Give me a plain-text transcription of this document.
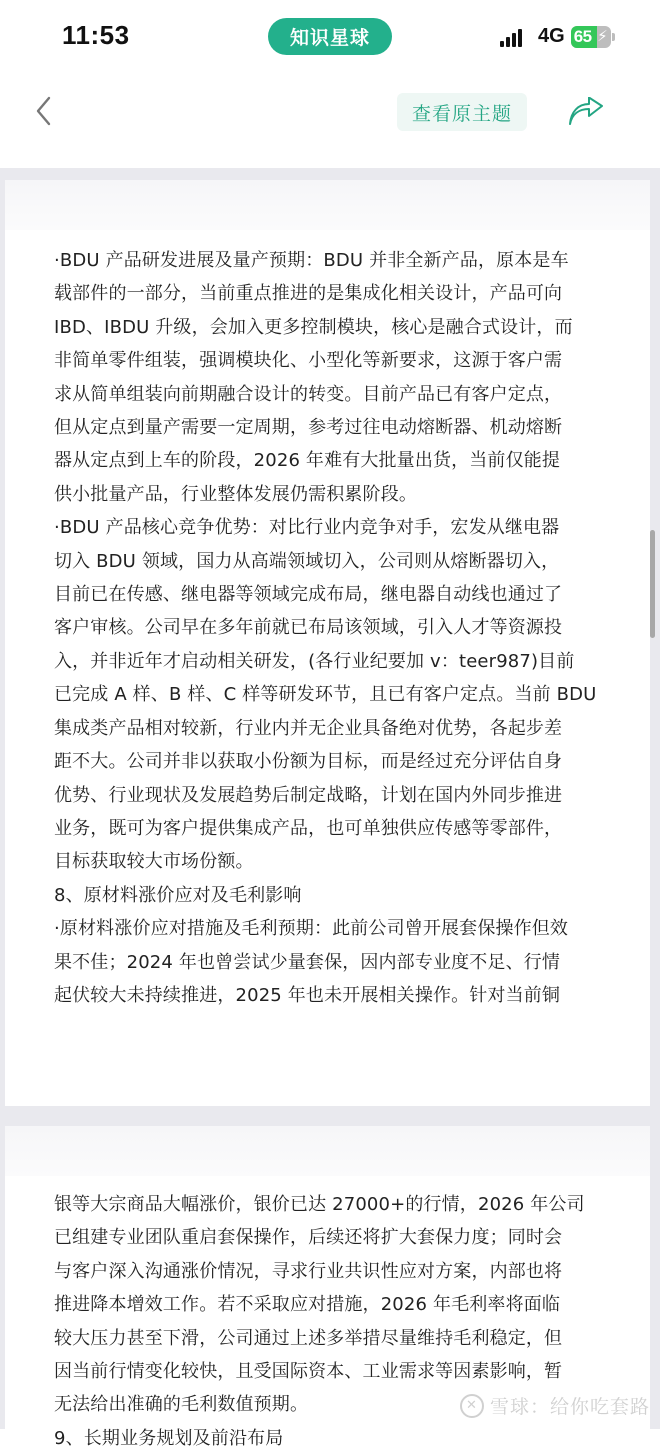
11:53	知识星球	4G 65 ⚡
查看原主题

·BDU 产品研发进展及量产预期：BDU 并非全新产品，原本是车

载部件的一部分，当前重点推进的是集成化相关设计，产品可向

IBD、IBDU 升级，会加入更多控制模块，核心是融合式设计，而

非简单零件组装，强调模块化、小型化等新要求，这源于客户需

求从简单组装向前期融合设计的转变。目前产品已有客户定点，

但从定点到量产需要一定周期，参考过往电动熔断器、机动熔断

器从定点到上车的阶段，2026 年难有大批量出货，当前仅能提

供小批量产品，行业整体发展仍需积累阶段。

·BDU 产品核心竞争优势：对比行业内竞争对手，宏发从继电器

切入 BDU 领域，国力从高端领域切入，公司则从熔断器切入，

目前已在传感、继电器等领域完成布局，继电器自动线也通过了

客户审核。公司早在多年前就已布局该领域，引入人才等资源投

入，并非近年才启动相关研发，(各行业纪要加 v：teer987)目前

已完成 A 样、B 样、C 样等研发环节，且已有客户定点。当前 BDU

集成类产品相对较新，行业内并无企业具备绝对优势，各起步差

距不大。公司并非以获取小份额为目标，而是经过充分评估自身

优势、行业现状及发展趋势后制定战略，计划在国内外同步推进

业务，既可为客户提供集成产品，也可单独供应传感等零部件，

目标获取较大市场份额。

8、原材料涨价应对及毛利影响

·原材料涨价应对措施及毛利预期：此前公司曾开展套保操作但效

果不佳；2024 年也曾尝试少量套保，因内部专业度不足、行情

起伏较大未持续推进，2025 年也未开展相关操作。针对当前铜

银等大宗商品大幅涨价，银价已达 27000+的行情，2026 年公司

已组建专业团队重启套保操作，后续还将扩大套保力度；同时会

与客户深入沟通涨价情况，寻求行业共识性应对方案，内部也将

推进降本增效工作。若不采取应对措施，2026 年毛利率将面临

较大压力甚至下滑，公司通过上述多举措尽量维持毛利稳定，但

因当前行情变化较快，且受国际资本、工业需求等因素影响，暂

无法给出准确的毛利数值预期。

9、长期业务规划及前沿布局

✕ 雪球：给你吃套路
